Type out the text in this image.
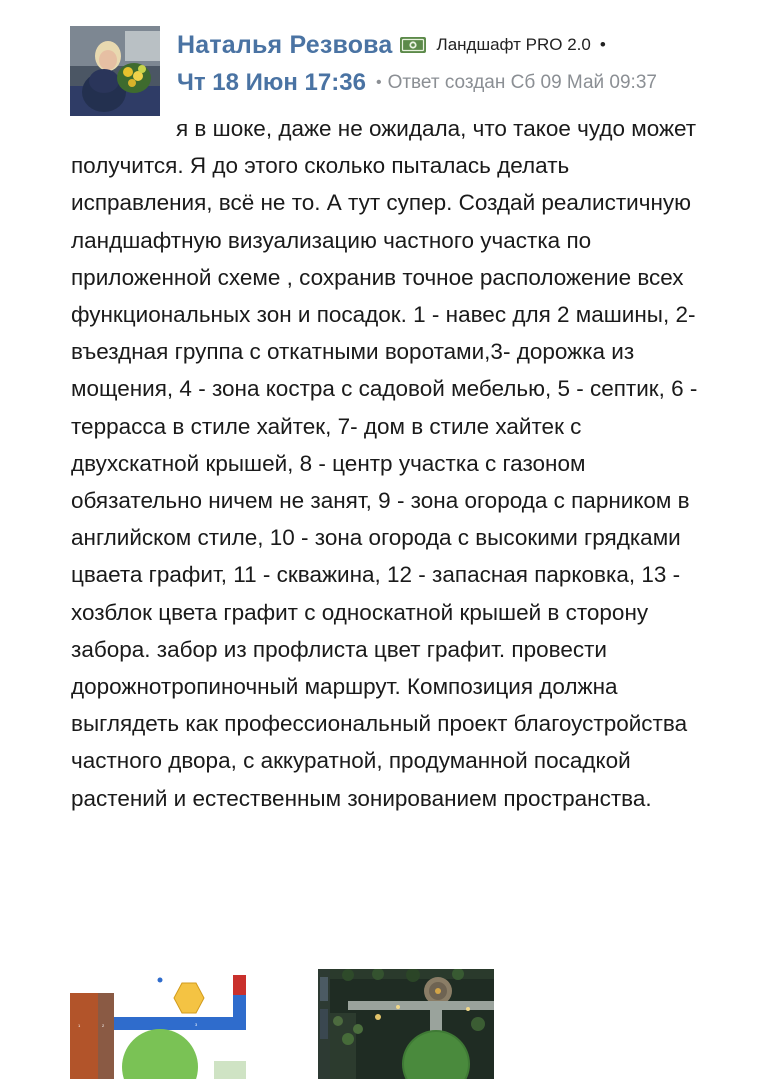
Наталья Резвова	Ландшафт PRO 2.0 •
Чт 18 Июн 17:36 • Ответ создан Сб 09 Май 09:37

я в шоке, даже не ожидала, что такое чудо может получится. Я до этого сколько пыталась делать исправления, всё не то. А тут супер. Создай реалистичную ландшафтную визуализацию частного участка по приложенной схеме , сохранив точное расположение всех функциональных зон и посадок. 1 - навес для 2 машины, 2- въездная группа с откатными воротами,3- дорожка из мощения, 4 - зона костра с садовой мебелью, 5 - септик, 6 - террасса в стиле хайтек, 7- дом в стиле хайтек с двухскатной крышей, 8 - центр участка с газоном обязательно ничем не занят, 9 - зона огорода с парником в английском стиле, 10 - зона огорода с высокими грядками цваета графит, 11 - скважина, 12 - запасная парковка, 13 - хозблок цвета графит с односкатной крышей в сторону забора. забор из профлиста цвет графит. провести дорожнотропиночный маршрут. Композиция должна выглядеть как профессиональный проект благоустройства частного двора, с аккуратной, продуманной посадкой растений и естественным зонированием пространства.

1	2	3
